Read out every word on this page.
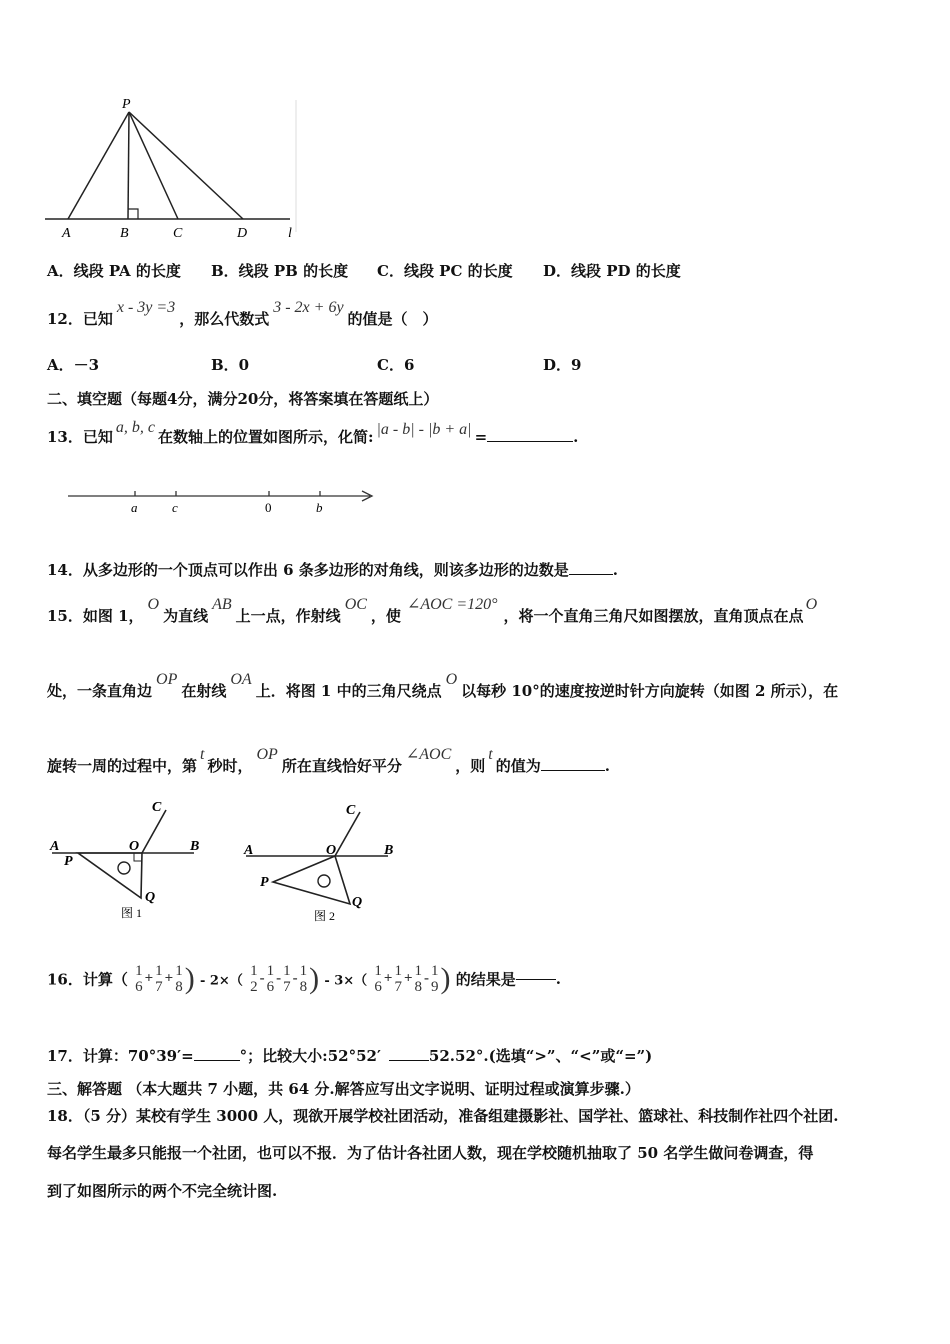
P
A	B	C	D	l
A．线段 PA 的长度 B．线段 PB 的长度 C．线段 PC 的长度 D．线段 PD 的长度
12．已知x - 3y =3，那么代数式3 - 2x + 6y的值是（　）
A．－3	B．0	C．6	D．9
二、填空题（每题4分，满分20分，将答案填在答题纸上）
13．已知a, b, c在数轴上的位置如图所示，化简: |a - b| - |b + a| =	.
a	c	0	b
14．从多边形的一个顶点可以作出 6 条多边形的对角线，则该多边形的边数是	.
15．如图 1，O为直线AB上一点，作射线OC，使∠AOC =120°，将一个直角三角尺如图摆放，直角顶点在点O
处，一条直角边OP在射线OA上．将图 1 中的三角尺绕点O以每秒 10°的速度按逆时针方向旋转（如图 2 所示），在
旋转一周的过程中，第t秒时，OP所在直线恰好平分∠AOC，则t的值为	.
C
A	O	B
P
Q
图 1
C
A	O	B
P
Q
图 2
16．计算（ 1
6
+ 1
7
+ 1
8 ) - 2×（
1
2
- 1
6
- 1
7
- 1
8 ) - 3×（
1
6
+ 1
7
+ 1
8
- 1
9 ) 的结果是	.
17．计算：70°39′=	°；比较大小:52°52′	52.52°.(选填“>”、“<”或“=”)
三、解答题 （本大题共 7 小题，共 64 分.解答应写出文字说明、证明过程或演算步骤.）
18．（5 分）某校有学生 3000 人，现欲开展学校社团活动，准备组建摄影社、国学社、篮球社、科技制作社四个社团.
每名学生最多只能报一个社团，也可以不报．为了估计各社团人数，现在学校随机抽取了 50 名学生做问卷调查，得
到了如图所示的两个不完全统计图.
